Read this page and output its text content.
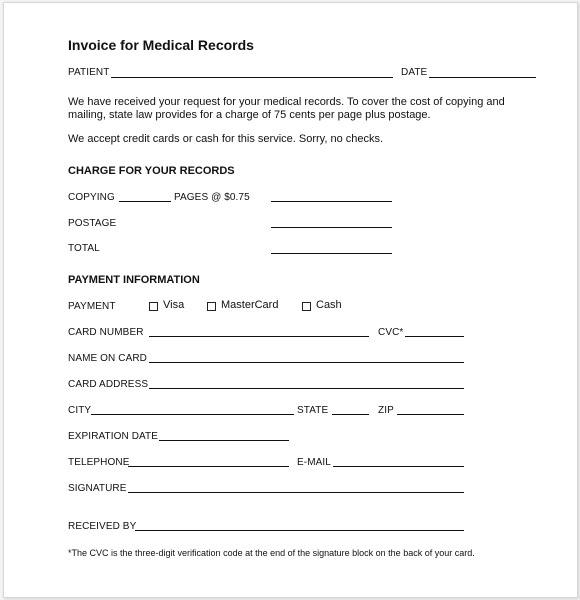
Invoice for Medical Records
PATIENT	DATE
We have received your request for your medical records. To cover the cost of copying and
mailing, state law provides for a charge of 75 cents per page plus postage.
We accept credit cards or cash for this service. Sorry, no checks.
CHARGE FOR YOUR RECORDS
COPYING	PAGES @ $0.75
POSTAGE
TOTAL
PAYMENT INFORMATION
PAYMENT	Visa	MasterCard	Cash
CARD NUMBER	CVC*
NAME ON CARD
CARD ADDRESS
CITY	STATE	ZIP
EXPIRATION DATE
TELEPHONE	E-MAIL
SIGNATURE
RECEIVED BY
*The CVC is the three-digit verification code at the end of the signature block on the back of your card.
